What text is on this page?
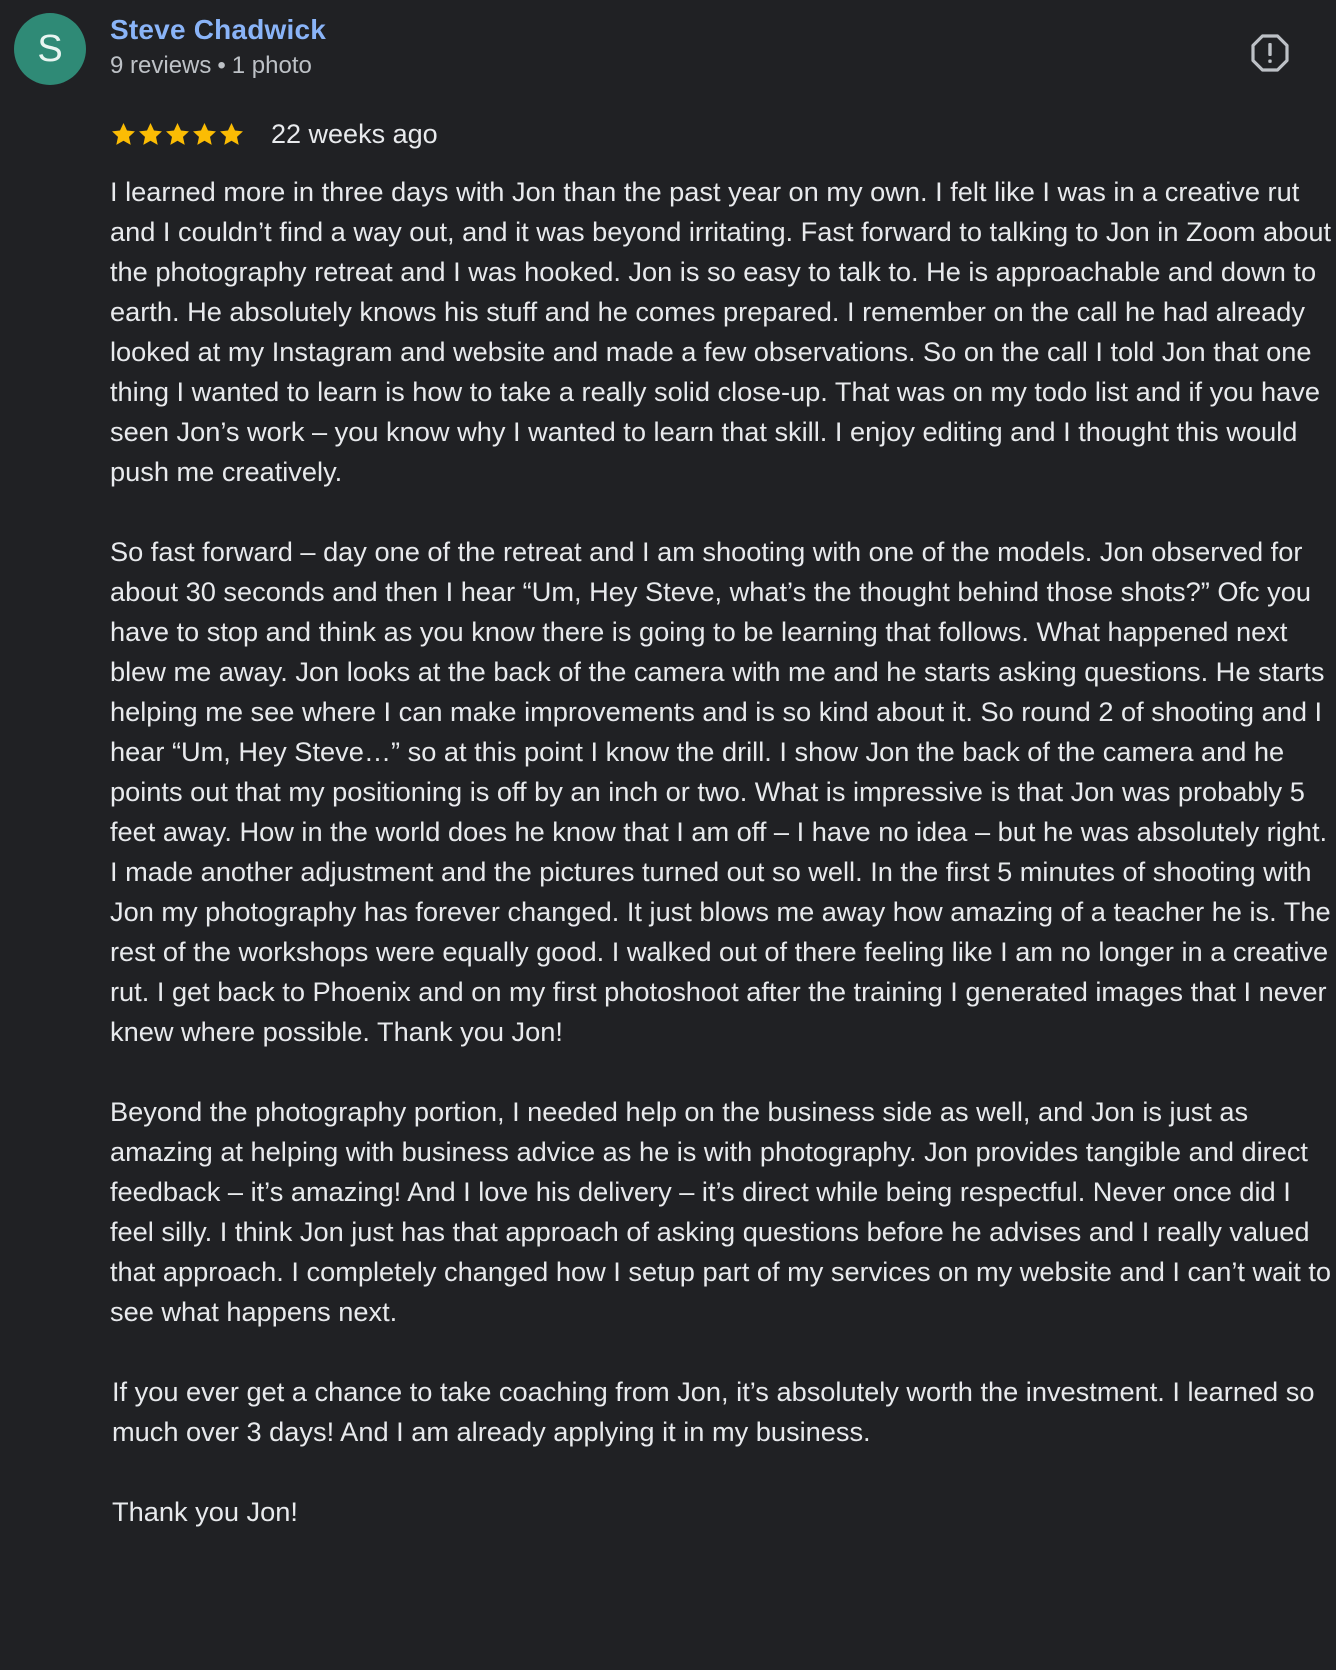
S	Steve Chadwick
9 reviews • 1 photo
22 weeks ago
I learned more in three days with Jon than the past year on my own. I felt like I was in a creative rut and I couldn’t find a way out, and it was beyond irritating. Fast forward to talking to Jon in Zoom about the photography retreat and I was hooked. Jon is so easy to talk to. He is approachable and down to earth. He absolutely knows his stuff and he comes prepared. I remember on the call he had already looked at my Instagram and website and made a few observations. So on the call I told Jon that one thing I wanted to learn is how to take a really solid close-up. That was on my todo list and if you have seen Jon’s work – you know why I wanted to learn that skill. I enjoy editing and I thought this would push me creatively.
So fast forward – day one of the retreat and I am shooting with one of the models. Jon observed for about 30 seconds and then I hear “Um, Hey Steve, what’s the thought behind those shots?” Ofc you have to stop and think as you know there is going to be learning that follows. What happened next blew me away. Jon looks at the back of the camera with me and he starts asking questions. He starts helping me see where I can make improvements and is so kind about it. So round 2 of shooting and I hear “Um, Hey Steve…” so at this point I know the drill. I show Jon the back of the camera and he points out that my positioning is off by an inch or two. What is impressive is that Jon was probably 5 feet away. How in the world does he know that I am off – I have no idea – but he was absolutely right. I made another adjustment and the pictures turned out so well. In the first 5 minutes of shooting with Jon my photography has forever changed. It just blows me away how amazing of a teacher he is. The rest of the workshops were equally good. I walked out of there feeling like I am no longer in a creative rut. I get back to Phoenix and on my first photoshoot after the training I generated images that I never knew where possible. Thank you Jon!
Beyond the photography portion, I needed help on the business side as well, and Jon is just as amazing at helping with business advice as he is with photography. Jon provides tangible and direct feedback – it’s amazing! And I love his delivery – it’s direct while being respectful. Never once did I feel silly. I think Jon just has that approach of asking questions before he advises and I really valued that approach. I completely changed how I setup part of my services on my website and I can’t wait to see what happens next.
If you ever get a chance to take coaching from Jon, it’s absolutely worth the investment. I learned so much over 3 days! And I am already applying it in my business.
Thank you Jon!
